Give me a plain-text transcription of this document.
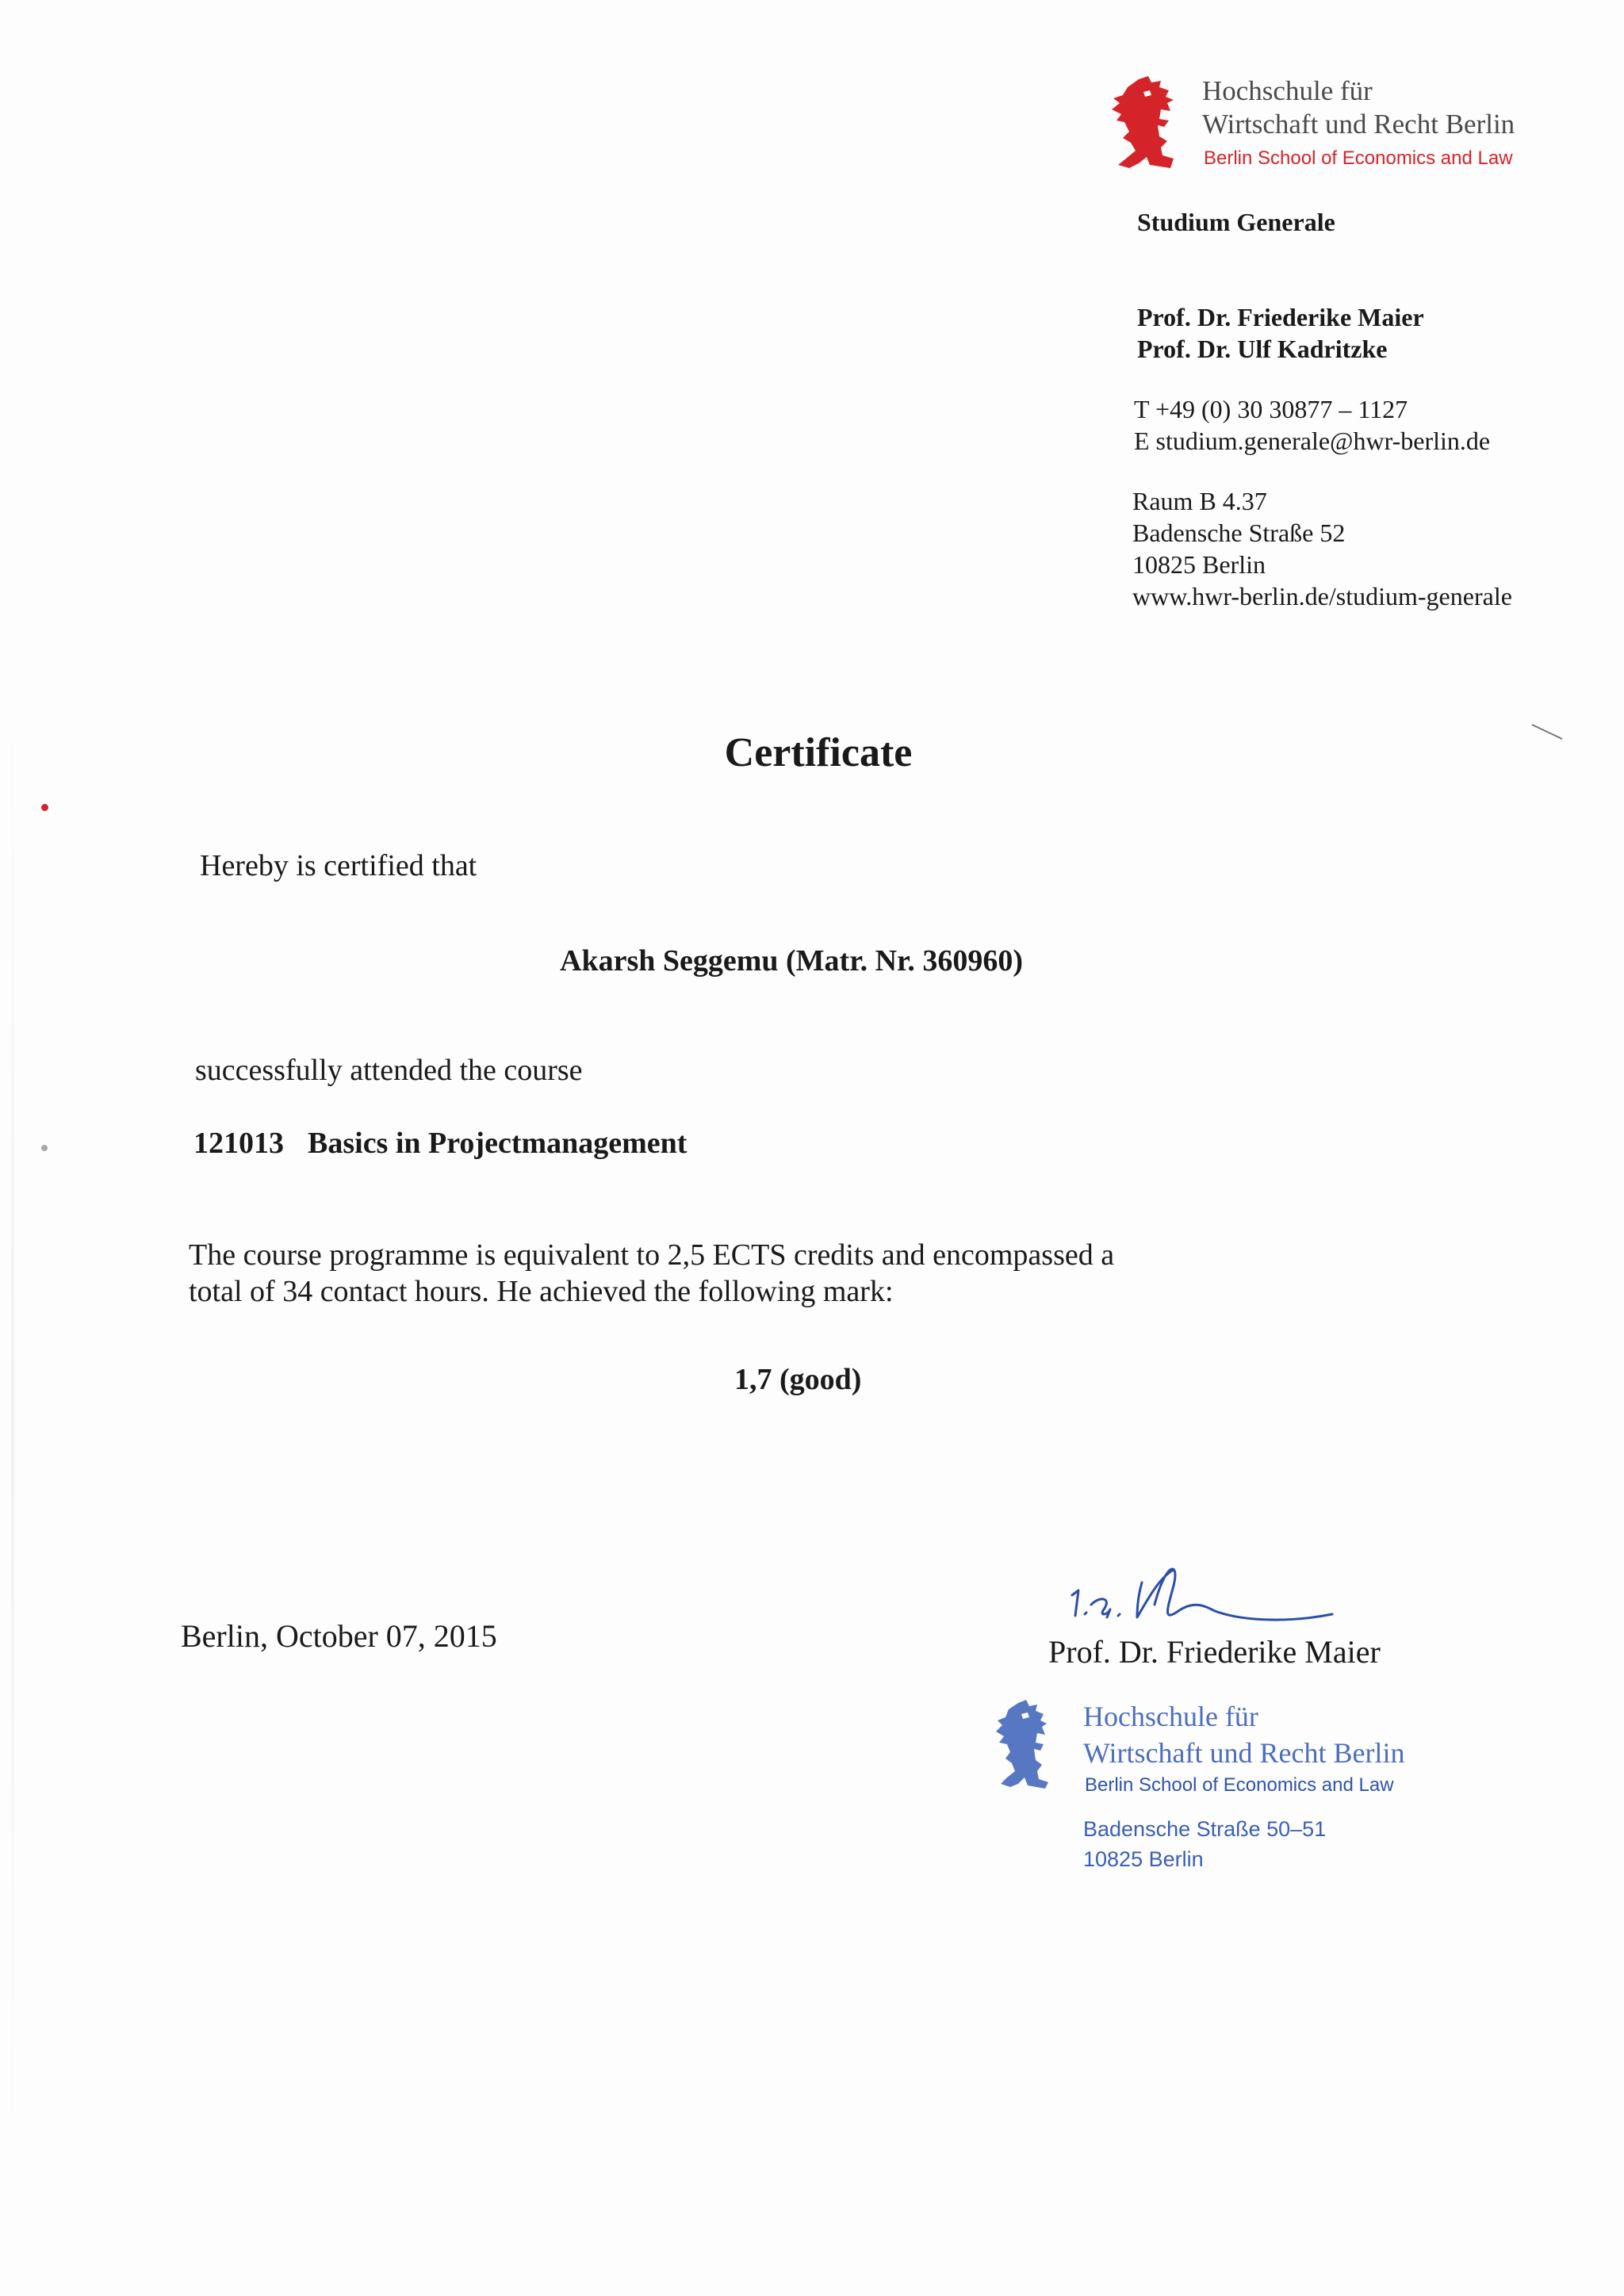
Hochschule für
Wirtschaft und Recht Berlin
Berlin School of Economics and Law
Studium Generale
Prof. Dr. Friederike Maier
Prof. Dr. Ulf Kadritzke
T +49 (0) 30 30877 – 1127
E studium.generale@hwr-berlin.de
Raum B 4.37
Badensche Straße 52
10825 Berlin
www.hwr-berlin.de/studium-generale
Certificate
Hereby is certified that
Akarsh Seggemu (Matr. Nr. 360960)
successfully attended the course
121013 Basics in Projectmanagement
The course programme is equivalent to 2,5 ECTS credits and encompassed a
total of 34 contact hours. He achieved the following mark:
1,7 (good)
Berlin, October 07, 2015	Prof. Dr. Friederike Maier
Hochschule für
Wirtschaft und Recht Berlin
Berlin School of Economics and Law
Badensche Straße 50–51
10825 Berlin
